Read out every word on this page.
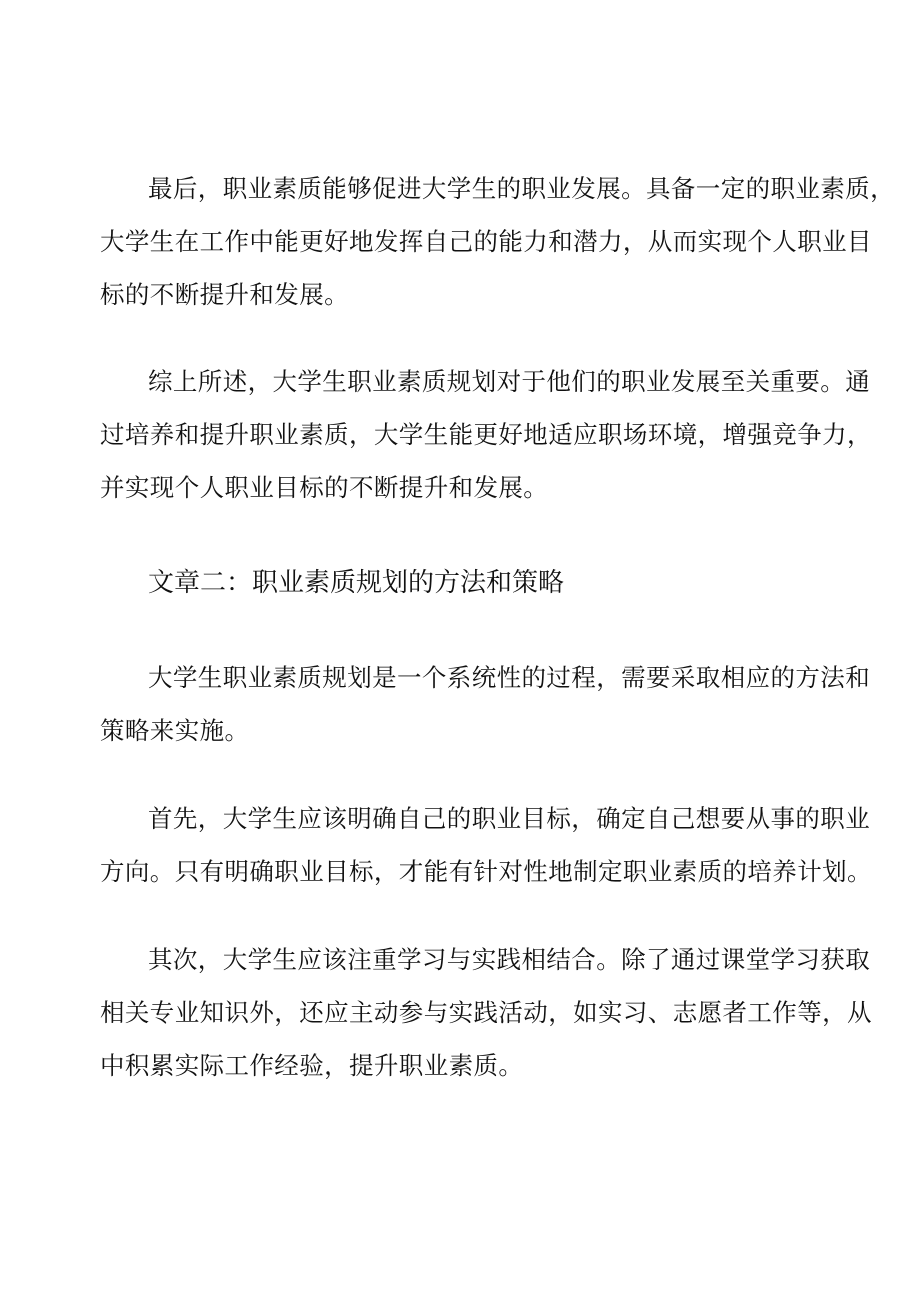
最后，职业素质能够促进大学生的职业发展。具备一定的职业素质，
大学生在工作中能更好地发挥自己的能力和潜力，从而实现个人职业目
标的不断提升和发展。

综上所述，大学生职业素质规划对于他们的职业发展至关重要。通
过培养和提升职业素质，大学生能更好地适应职场环境，增强竞争力，
并实现个人职业目标的不断提升和发展。

文章二：职业素质规划的方法和策略

大学生职业素质规划是一个系统性的过程，需要采取相应的方法和
策略来实施。

首先，大学生应该明确自己的职业目标，确定自己想要从事的职业
方向。只有明确职业目标，才能有针对性地制定职业素质的培养计划。

其次，大学生应该注重学习与实践相结合。除了通过课堂学习获取
相关专业知识外，还应主动参与实践活动，如实习、志愿者工作等，从
中积累实际工作经验，提升职业素质。
